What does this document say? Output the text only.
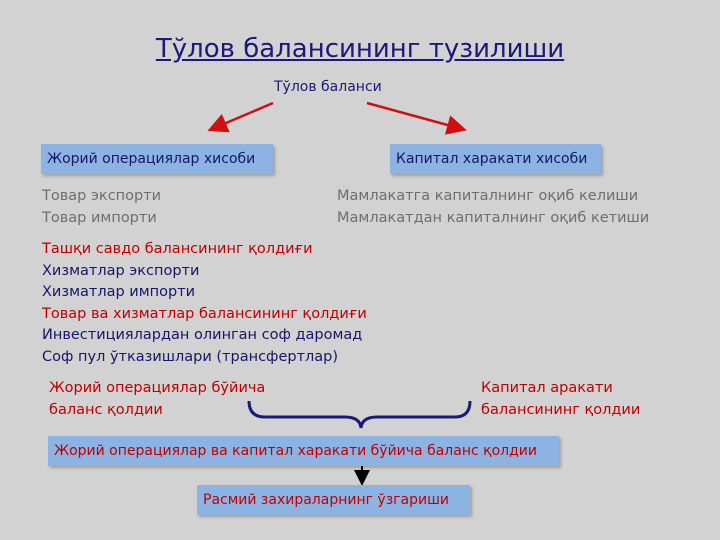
Тўлов балансининг тузилиши
Тўлов баланси
Жорий операциялар хисоби	Капитал харакати хисоби
Товар экспорти
Товар импорти
Мамлакатга капиталнинг оқиб келиши
Мамлакатдан капиталнинг оқиб кетиши
Ташқи савдо балансининг қолдиғи
Хизматлар экспорти
Хизматлар импорти
Товар ва хизматлар балансининг қолдиғи
Инвестициялардан олинган соф даромад
Соф пул ўтказишлари (трансфертлар)
Жорий операциялар бўйича
баланс қолдии
Капитал аракати
балансининг қолдии
Жорий операциялар ва капитал харакати бўйича баланс қолдии
Расмий захираларнинг ўзгариши
